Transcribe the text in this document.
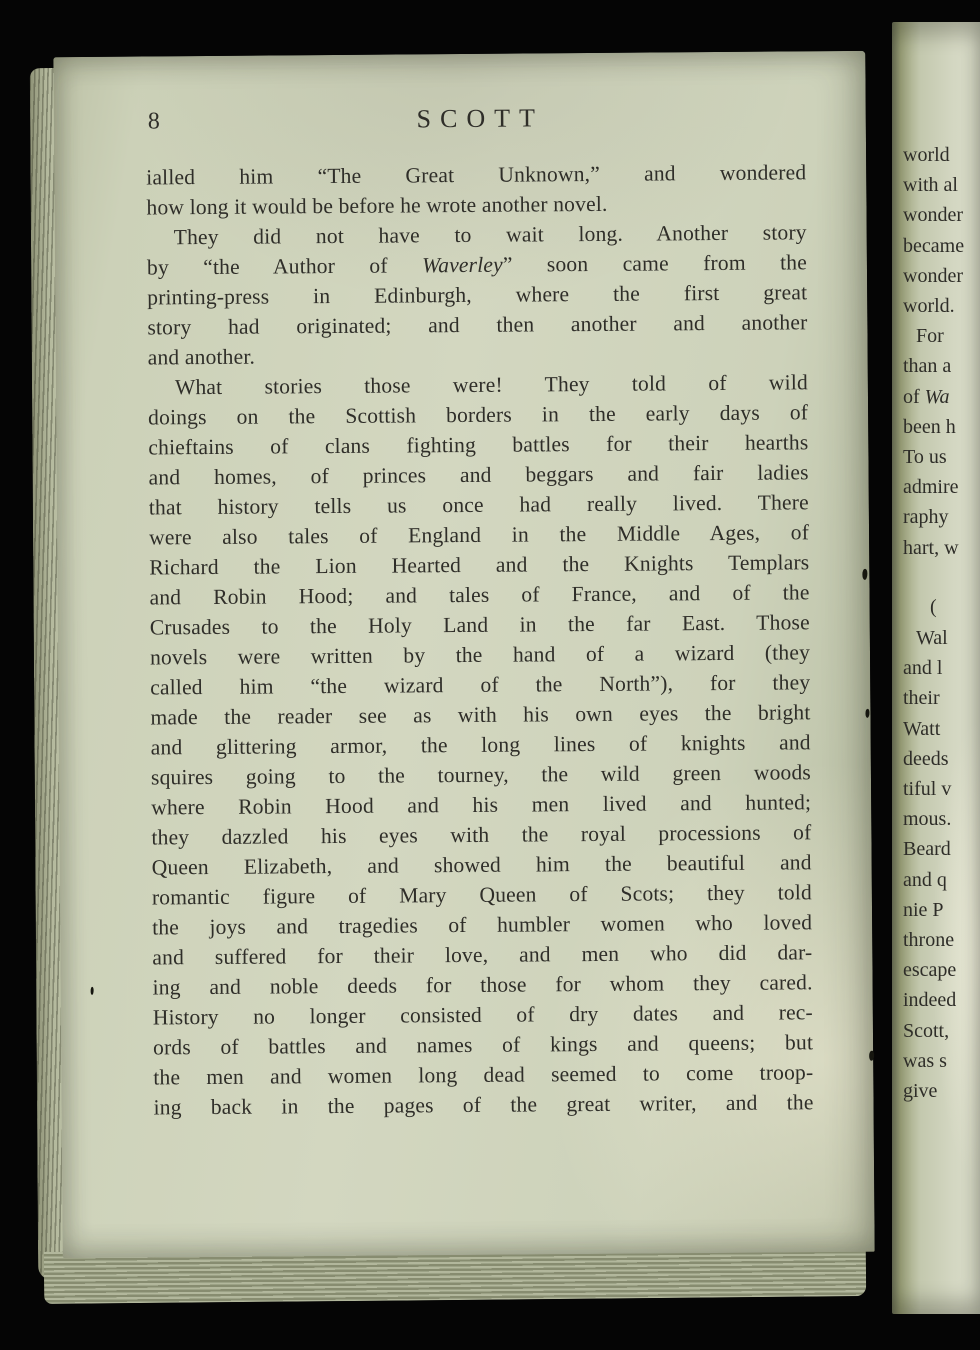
8	SCOTT
ialled him “The Great Unknown,” and wondered
how long it would be before he wrote another novel.
They did not have to wait long. Another story
by “the Author of Waverley” soon came from the
printing-press in Edinburgh, where the first great
story had originated; and then another and another
and another.
What stories those were! They told of wild
doings on the Scottish borders in the early days of
chieftains of clans fighting battles for their hearths
and homes, of princes and beggars and fair ladies
that history tells us once had really lived. There
were also tales of England in the Middle Ages, of
Richard the Lion Hearted and the Knights Templars
and Robin Hood; and tales of France, and of the
Crusades to the Holy Land in the far East. Those
novels were written by the hand of a wizard (they
called him “the wizard of the North”), for they
made the reader see as with his own eyes the bright
and glittering armor, the long lines of knights and
squires going to the tourney, the wild green woods
where Robin Hood and his men lived and hunted;
they dazzled his eyes with the royal processions of
Queen Elizabeth, and showed him the beautiful and
romantic figure of Mary Queen of Scots; they told
the joys and tragedies of humbler women who loved
and suffered for their love, and men who did dar-
ing and noble deeds for those for whom they cared.
History no longer consisted of dry dates and rec-
ords of battles and names of kings and queens; but
the men and women long dead seemed to come troop-
ing back in the pages of the great writer, and the
world
with al
wonder
became
wonder
world.
For
than a
of Wa
been h
To us
admire
raphy
hart, w
(
Wal
and l
their
Watt
deeds
tiful v
mous.
Beard
and q
nie P
throne
escape
indeed
Scott,
was s
give
